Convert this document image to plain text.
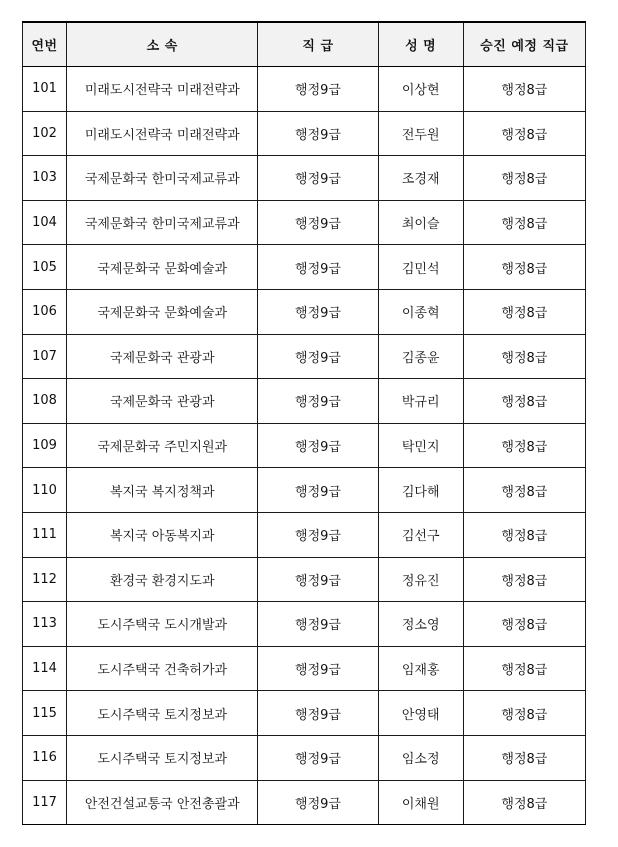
연번	소 속	직 급	성 명	승진 예정 직급
101	미래도시전략국 미래전략과	행정9급	이상현	행정8급
102	미래도시전략국 미래전략과	행정9급	전두원	행정8급
103	국제문화국 한미국제교류과	행정9급	조경재	행정8급
104	국제문화국 한미국제교류과	행정9급	최이슬	행정8급
105	국제문화국 문화예술과	행정9급	김민석	행정8급
106	국제문화국 문화예술과	행정9급	이종혁	행정8급
107	국제문화국 관광과	행정9급	김종윤	행정8급
108	국제문화국 관광과	행정9급	박규리	행정8급
109	국제문화국 주민지원과	행정9급	탁민지	행정8급
110	복지국 복지정책과	행정9급	김다해	행정8급
111	복지국 아동복지과	행정9급	김선구	행정8급
112	환경국 환경지도과	행정9급	정유진	행정8급
113	도시주택국 도시개발과	행정9급	정소영	행정8급
114	도시주택국 건축허가과	행정9급	임재홍	행정8급
115	도시주택국 토지정보과	행정9급	안영태	행정8급
116	도시주택국 토지정보과	행정9급	임소정	행정8급
117	안전건설교통국 안전총괄과	행정9급	이채원	행정8급
